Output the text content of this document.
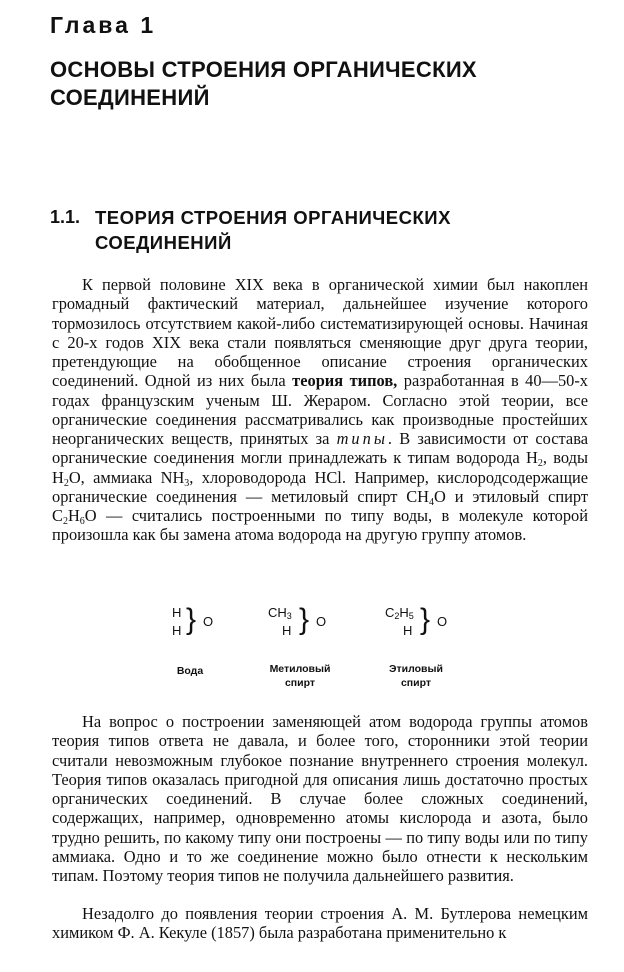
Глава 1
ОСНОВЫ СТРОЕНИЯ ОРГАНИЧЕСКИХ СОЕДИНЕНИЙ
1.1. ТЕОРИЯ СТРОЕНИЯ ОРГАНИЧЕСКИХ СОЕДИНЕНИЙ

К первой половине XIX века в органической химии был накоплен громадный фактический материал, дальнейшее изучение которого тормозилось отсутствием какой-либо систематизирующей основы. Начиная с 20-х годов XIX века стали появляться сменяющие друг друга теории, претендующие на обобщенное описание строения органических соединений. Одной из них была теория типов, разработанная в 40—50-х годах французским ученым Ш. Жераром. Согласно этой теории, все органические соединения рассматривались как производные простейших неорганических веществ, принятых за типы. В зависимости от состава органические соединения могли принадлежать к типам водорода $H_2$, воды $H_2O$, аммиака $NH_3$, хлороводорода HCl. Например, кислородсодержащие органические соединения — метиловый спирт $CH_4O$ и этиловый спирт $C_2H_6O$ — считались построенными по типу воды, в молекуле которой произошла как бы замена атома водорода на другую группу атомов.

H
H } O
Вода
$CH_3$
H } O
Метиловый
спирт
$C_2H_5$
H } O
Этиловый
спирт

На вопрос о построении заменяющей атом водорода группы атомов теория типов ответа не давала, и более того, сторонники этой теории считали невозможным глубокое познание внутреннего строения молекул. Теория типов оказалась пригодной для описания лишь достаточно простых органических соединений. В случае более сложных соединений, содержащих, например, одновременно атомы кислорода и азота, было трудно решить, по какому типу они построены — по типу воды или по типу аммиака. Одно и то же соединение можно было отнести к нескольким типам. Поэтому теория типов не получила дальнейшего развития.

Незадолго до появления теории строения А. М. Бутлерова немецким химиком Ф. А. Кекуле (1857) была разработана применительно к
